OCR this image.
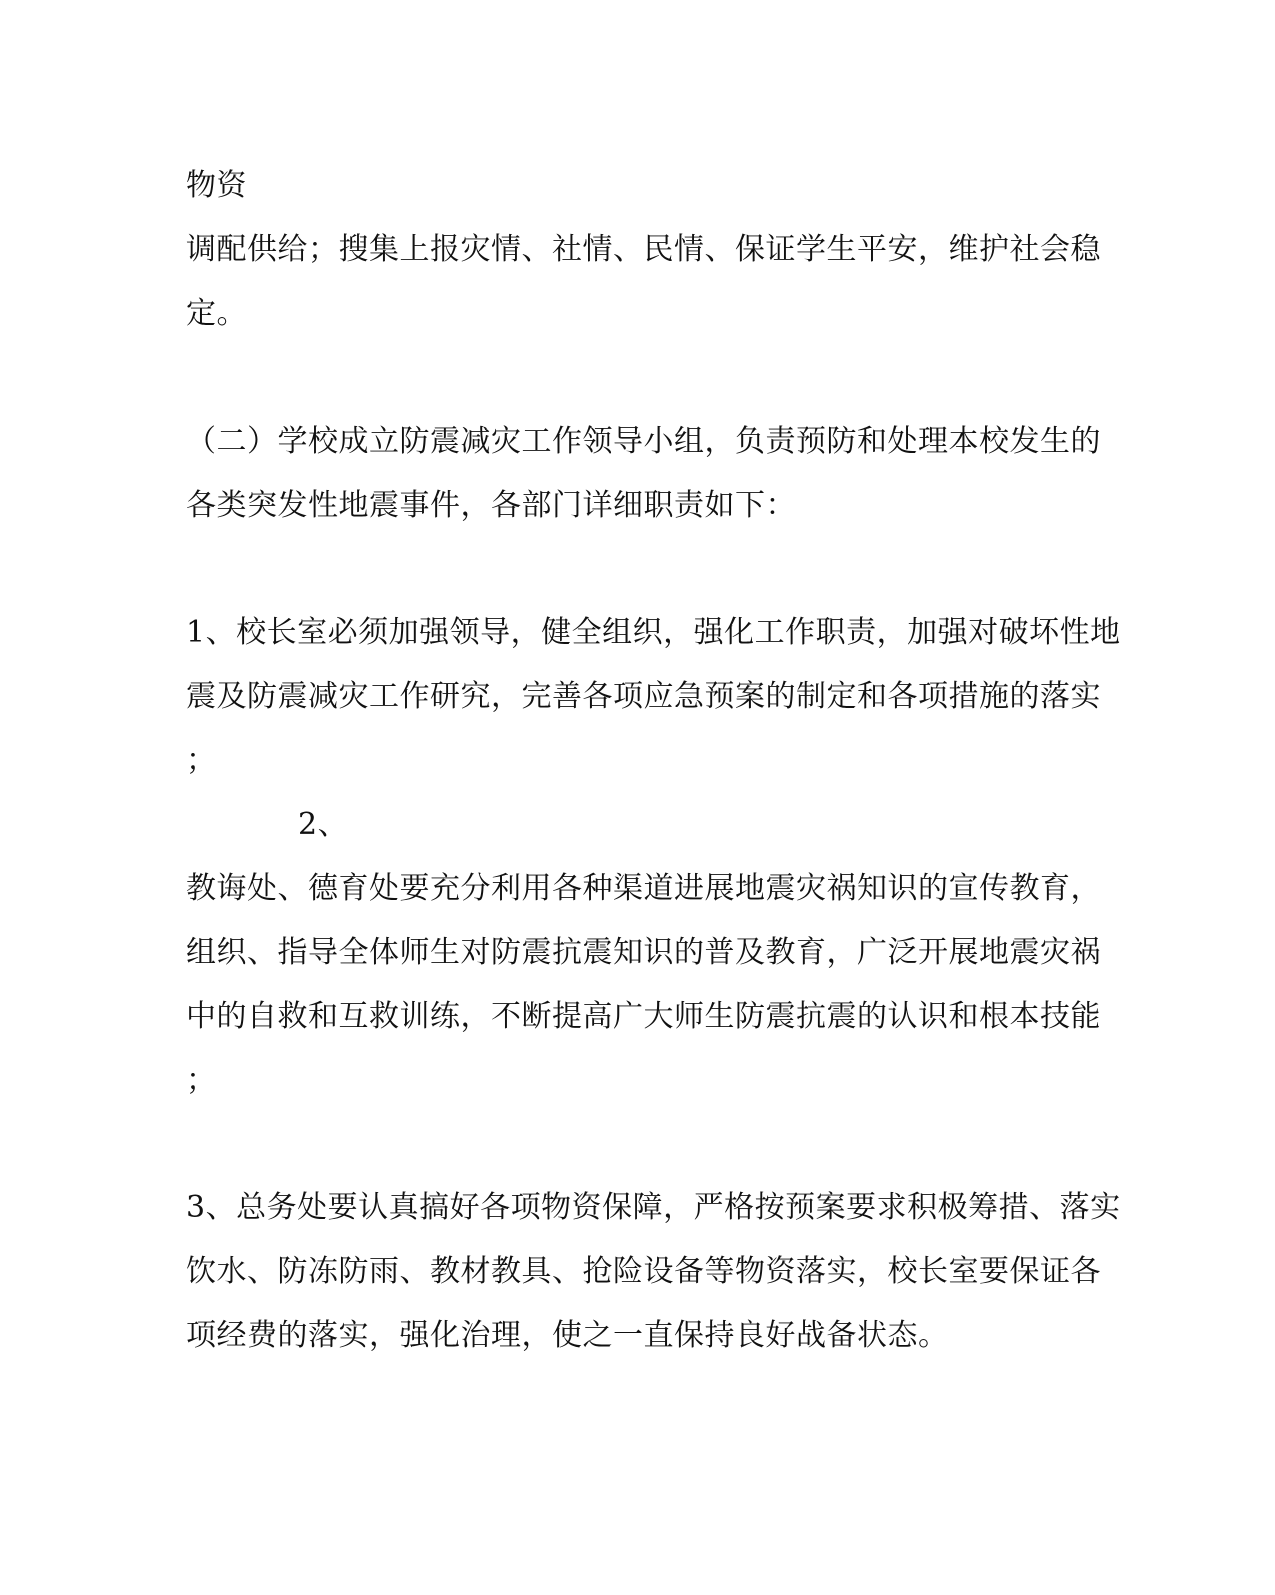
物资
调配供给；搜集上报灾情、社情、民情、保证学生平安，维护社会稳
定。
（二）学校成立防震减灾工作领导小组，负责预防和处理本校发生的
各类突发性地震事件，各部门详细职责如下：
1、校长室必须加强领导，健全组织，强化工作职责，加强对破坏性地
震及防震减灾工作研究，完善各项应急预案的制定和各项措施的落实
；
2、
教诲处、德育处要充分利用各种渠道进展地震灾祸知识的宣传教育，
组织、指导全体师生对防震抗震知识的普及教育，广泛开展地震灾祸
中的自救和互救训练，不断提高广大师生防震抗震的认识和根本技能
；
3、总务处要认真搞好各项物资保障，严格按预案要求积极筹措、落实
饮水、防冻防雨、教材教具、抢险设备等物资落实，校长室要保证各
项经费的落实，强化治理，使之一直保持良好战备状态。
